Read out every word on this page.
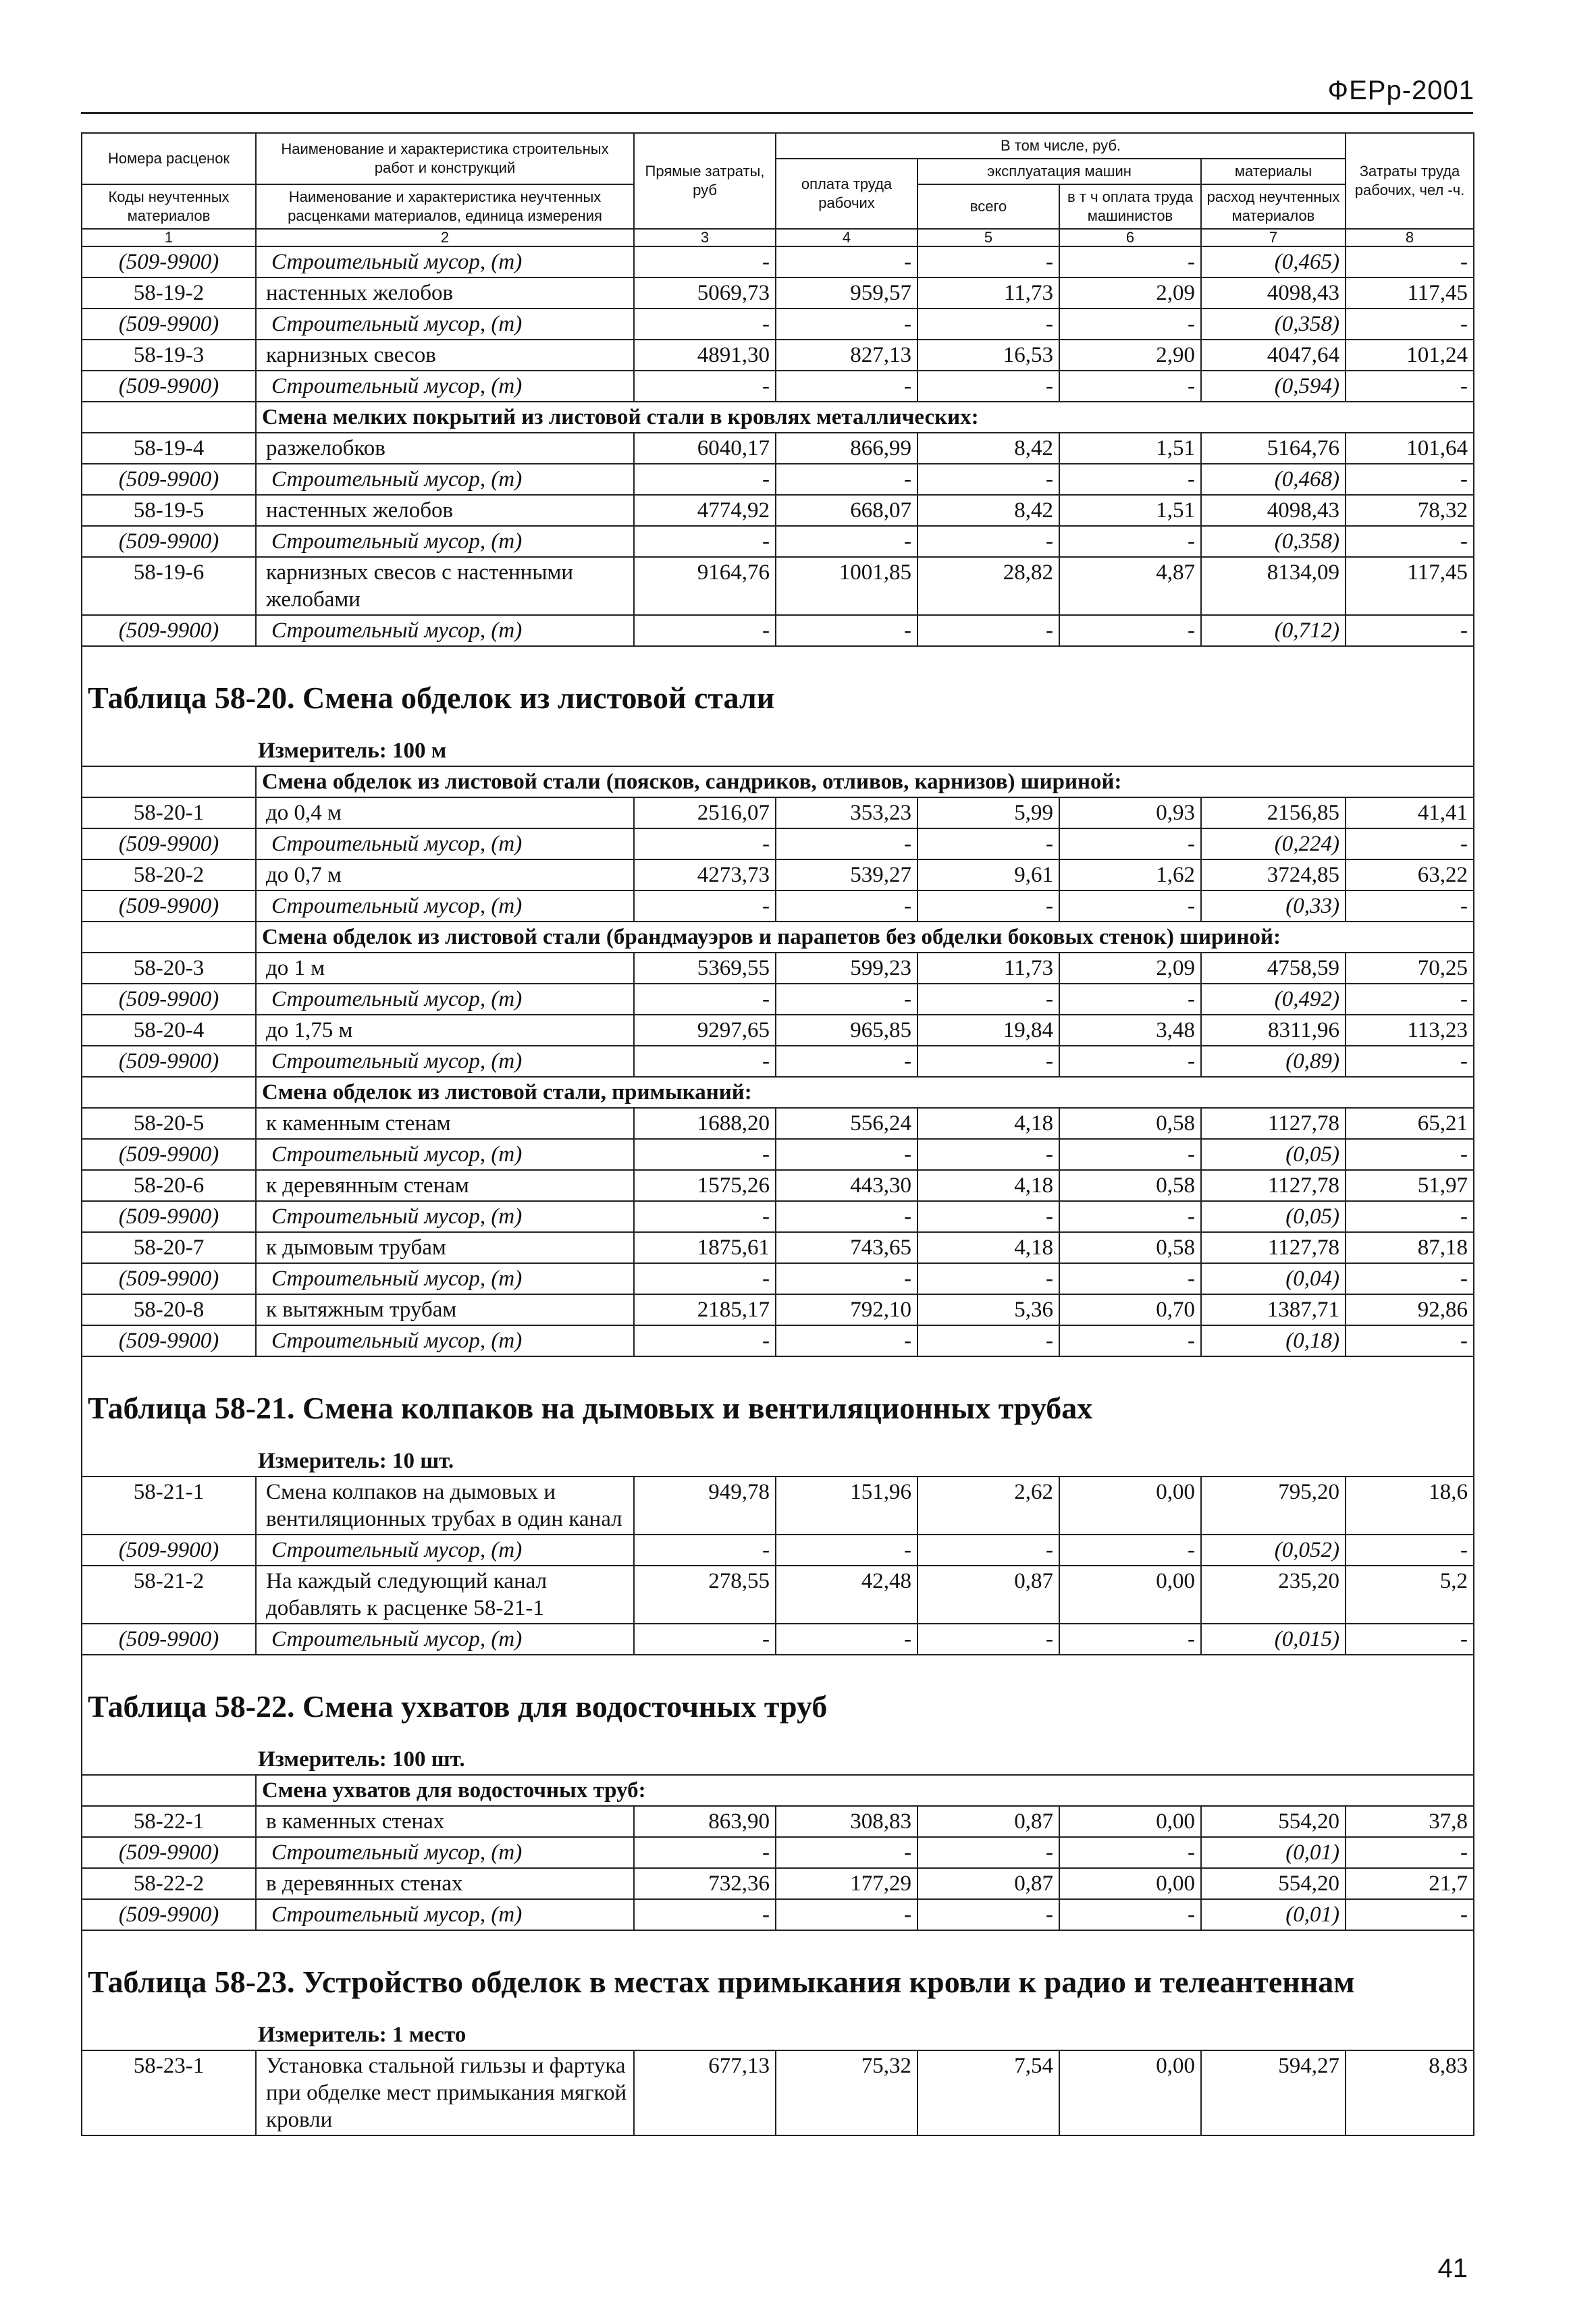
ФЕРр-2001
Номера расценок	Наименование и характеристика строительных работ и конструкций	Прямые затраты, руб	В том числе, руб.				Затраты труда рабочих, чел -ч.
			оплата труда рабочих	эксплуатация машин		материалы	
Коды неучтенных материалов	Наименование и характеристика неучтенных расценками материалов, единица измерения			всего	в т ч оплата труда машинистов	расход неучтенных материалов	

1	2	3	4	5	6	7	8
(509-9900)	Строительный мусор, (т)	-	-	-	-	(0,465)	-
58-19-2	настенных желобов	5069,73	959,57	11,73	2,09	4098,43	117,45
(509-9900)	Строительный мусор, (т)	-	-	-	-	(0,358)	-
58-19-3	карнизных свесов	4891,30	827,13	16,53	2,90	4047,64	101,24
(509-9900)	Строительный мусор, (т)	-	-	-	-	(0,594)	-
	Смена мелких покрытий из листовой стали в кровлях металлических:						
58-19-4	разжелобков	6040,17	866,99	8,42	1,51	5164,76	101,64
(509-9900)	Строительный мусор, (т)	-	-	-	-	(0,468)	-
58-19-5	настенных желобов	4774,92	668,07	8,42	1,51	4098,43	78,32
(509-9900)	Строительный мусор, (т)	-	-	-	-	(0,358)	-
58-19-6	карнизных свесов с настенными желобами	9164,76	1001,85	28,82	4,87	8134,09	117,45
(509-9900)	Строительный мусор, (т)	-	-	-	-	(0,712)	-

Таблица 58-20. Смена обделок из листовой стали							
Измеритель: 100 м							
	Смена обделок из листовой стали (поясков, сандриков, отливов, карнизов) шириной:						
58-20-1	до 0,4 м	2516,07	353,23	5,99	0,93	2156,85	41,41
(509-9900)	Строительный мусор, (т)	-	-	-	-	(0,224)	-
58-20-2	до 0,7 м	4273,73	539,27	9,61	1,62	3724,85	63,22
(509-9900)	Строительный мусор, (т)	-	-	-	-	(0,33)	-
	Смена обделок из листовой стали (брандмауэров и парапетов без обделки боковых стенок) шириной:						
58-20-3	до 1 м	5369,55	599,23	11,73	2,09	4758,59	70,25
(509-9900)	Строительный мусор, (т)	-	-	-	-	(0,492)	-
58-20-4	до 1,75 м	9297,65	965,85	19,84	3,48	8311,96	113,23
(509-9900)	Строительный мусор, (т)	-	-	-	-	(0,89)	-
	Смена обделок из листовой стали, примыканий:						
58-20-5	к каменным стенам	1688,20	556,24	4,18	0,58	1127,78	65,21
(509-9900)	Строительный мусор, (т)	-	-	-	-	(0,05)	-
58-20-6	к деревянным стенам	1575,26	443,30	4,18	0,58	1127,78	51,97
(509-9900)	Строительный мусор, (т)	-	-	-	-	(0,05)	-
58-20-7	к дымовым трубам	1875,61	743,65	4,18	0,58	1127,78	87,18
(509-9900)	Строительный мусор, (т)	-	-	-	-	(0,04)	-
58-20-8	к вытяжным трубам	2185,17	792,10	5,36	0,70	1387,71	92,86
(509-9900)	Строительный мусор, (т)	-	-	-	-	(0,18)	-

Таблица 58-21. Смена колпаков на дымовых и вентиляционных трубах							
Измеритель: 10 шт.							
58-21-1	Смена колпаков на дымовых и вентиляционных трубах в один канал	949,78	151,96	2,62	0,00	795,20	18,6
(509-9900)	Строительный мусор, (т)	-	-	-	-	(0,052)	-
58-21-2	На каждый следующий канал добавлять к расценке 58-21-1	278,55	42,48	0,87	0,00	235,20	5,2
(509-9900)	Строительный мусор, (т)	-	-	-	-	(0,015)	-

Таблица 58-22. Смена ухватов для водосточных труб							
Измеритель: 100 шт.							
	Смена ухватов для водосточных труб:						
58-22-1	в каменных стенах	863,90	308,83	0,87	0,00	554,20	37,8
(509-9900)	Строительный мусор, (т)	-	-	-	-	(0,01)	-
58-22-2	в деревянных стенах	732,36	177,29	0,87	0,00	554,20	21,7
(509-9900)	Строительный мусор, (т)	-	-	-	-	(0,01)	-

Таблица 58-23. Устройство обделок в местах примыкания кровли к радио и телеантеннам							
Измеритель: 1 место							
58-23-1	Установка стальной гильзы и фартука при обделке мест примыкания мягкой кровли	677,13	75,32	7,54	0,00	594,27	8,83
41
